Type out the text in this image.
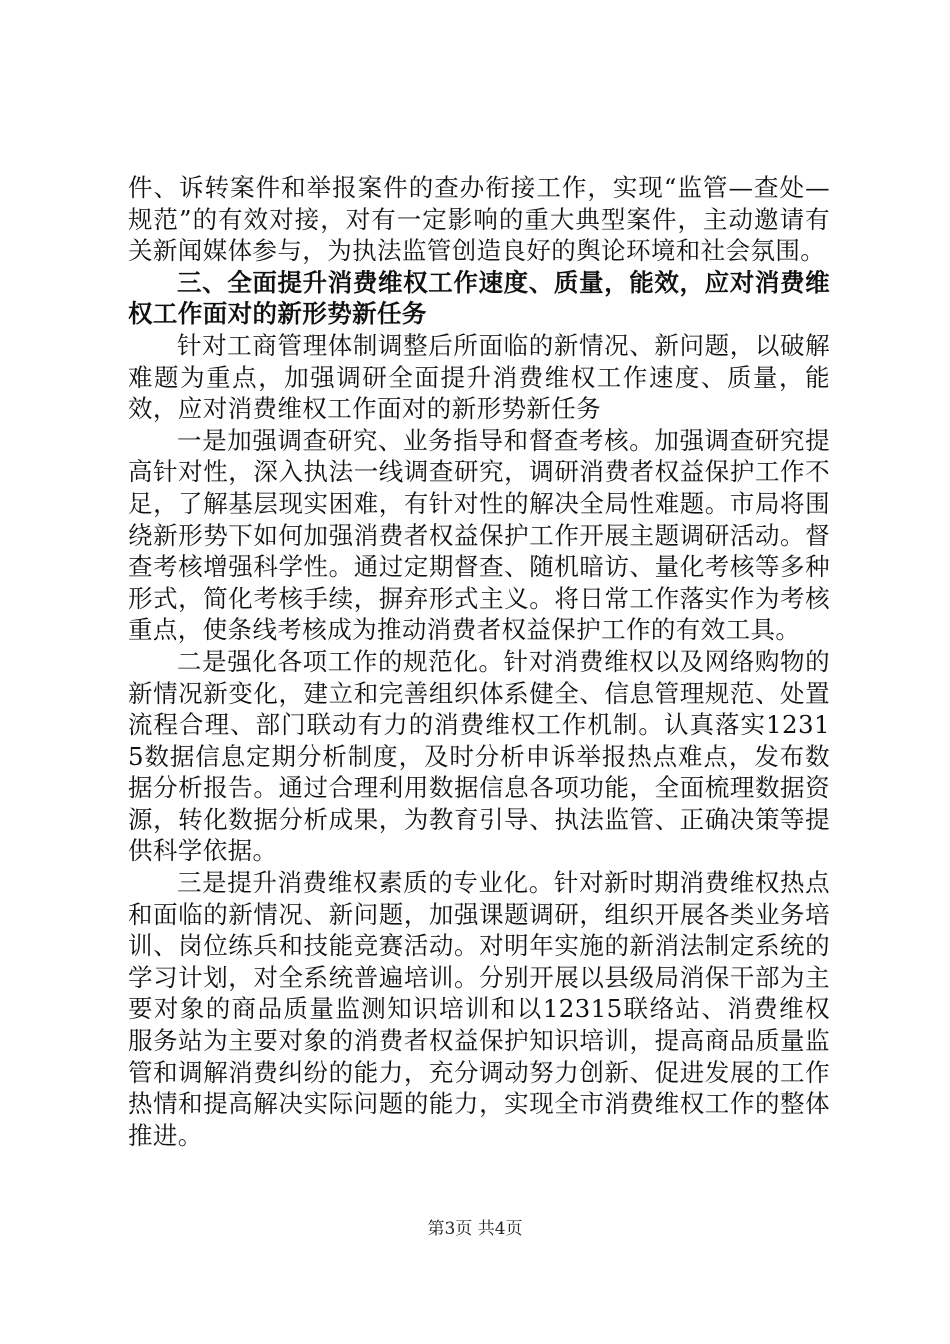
件、诉转案件和举报案件的查办衔接工作，实现“监管—查处—规范”的有效对接，对有一定影响的重大典型案件，主动邀请有关新闻媒体参与，为执法监管创造良好的舆论环境和社会氛围。

三、全面提升消费维权工作速度、质量，能效，应对消费维权工作面对的新形势新任务

针对工商管理体制调整后所面临的新情况、新问题，以破解难题为重点，加强调研全面提升消费维权工作速度、质量，能效，应对消费维权工作面对的新形势新任务

一是加强调查研究、业务指导和督查考核。加强调查研究提高针对性，深入执法一线调查研究，调研消费者权益保护工作不足，了解基层现实困难，有针对性的解决全局性难题。市局将围绕新形势下如何加强消费者权益保护工作开展主题调研活动。督查考核增强科学性。通过定期督查、随机暗访、量化考核等多种形式，简化考核手续，摒弃形式主义。将日常工作落实作为考核重点，使条线考核成为推动消费者权益保护工作的有效工具。

二是强化各项工作的规范化。针对消费维权以及网络购物的新情况新变化，建立和完善组织体系健全、信息管理规范、处置流程合理、部门联动有力的消费维权工作机制。认真落实12315数据信息定期分析制度，及时分析申诉举报热点难点，发布数据分析报告。通过合理利用数据信息各项功能，全面梳理数据资源，转化数据分析成果，为教育引导、执法监管、正确决策等提供科学依据。

三是提升消费维权素质的专业化。针对新时期消费维权热点和面临的新情况、新问题，加强课题调研，组织开展各类业务培训、岗位练兵和技能竞赛活动。对明年实施的新消法制定系统的学习计划，对全系统普遍培训。分别开展以县级局消保干部为主要对象的商品质量监测知识培训和以12315联络站、消费维权服务站为主要对象的消费者权益保护知识培训，提高商品质量监管和调解消费纠纷的能力，充分调动努力创新、促进发展的工作热情和提高解决实际问题的能力，实现全市消费维权工作的整体推进。

第3页 共4页
